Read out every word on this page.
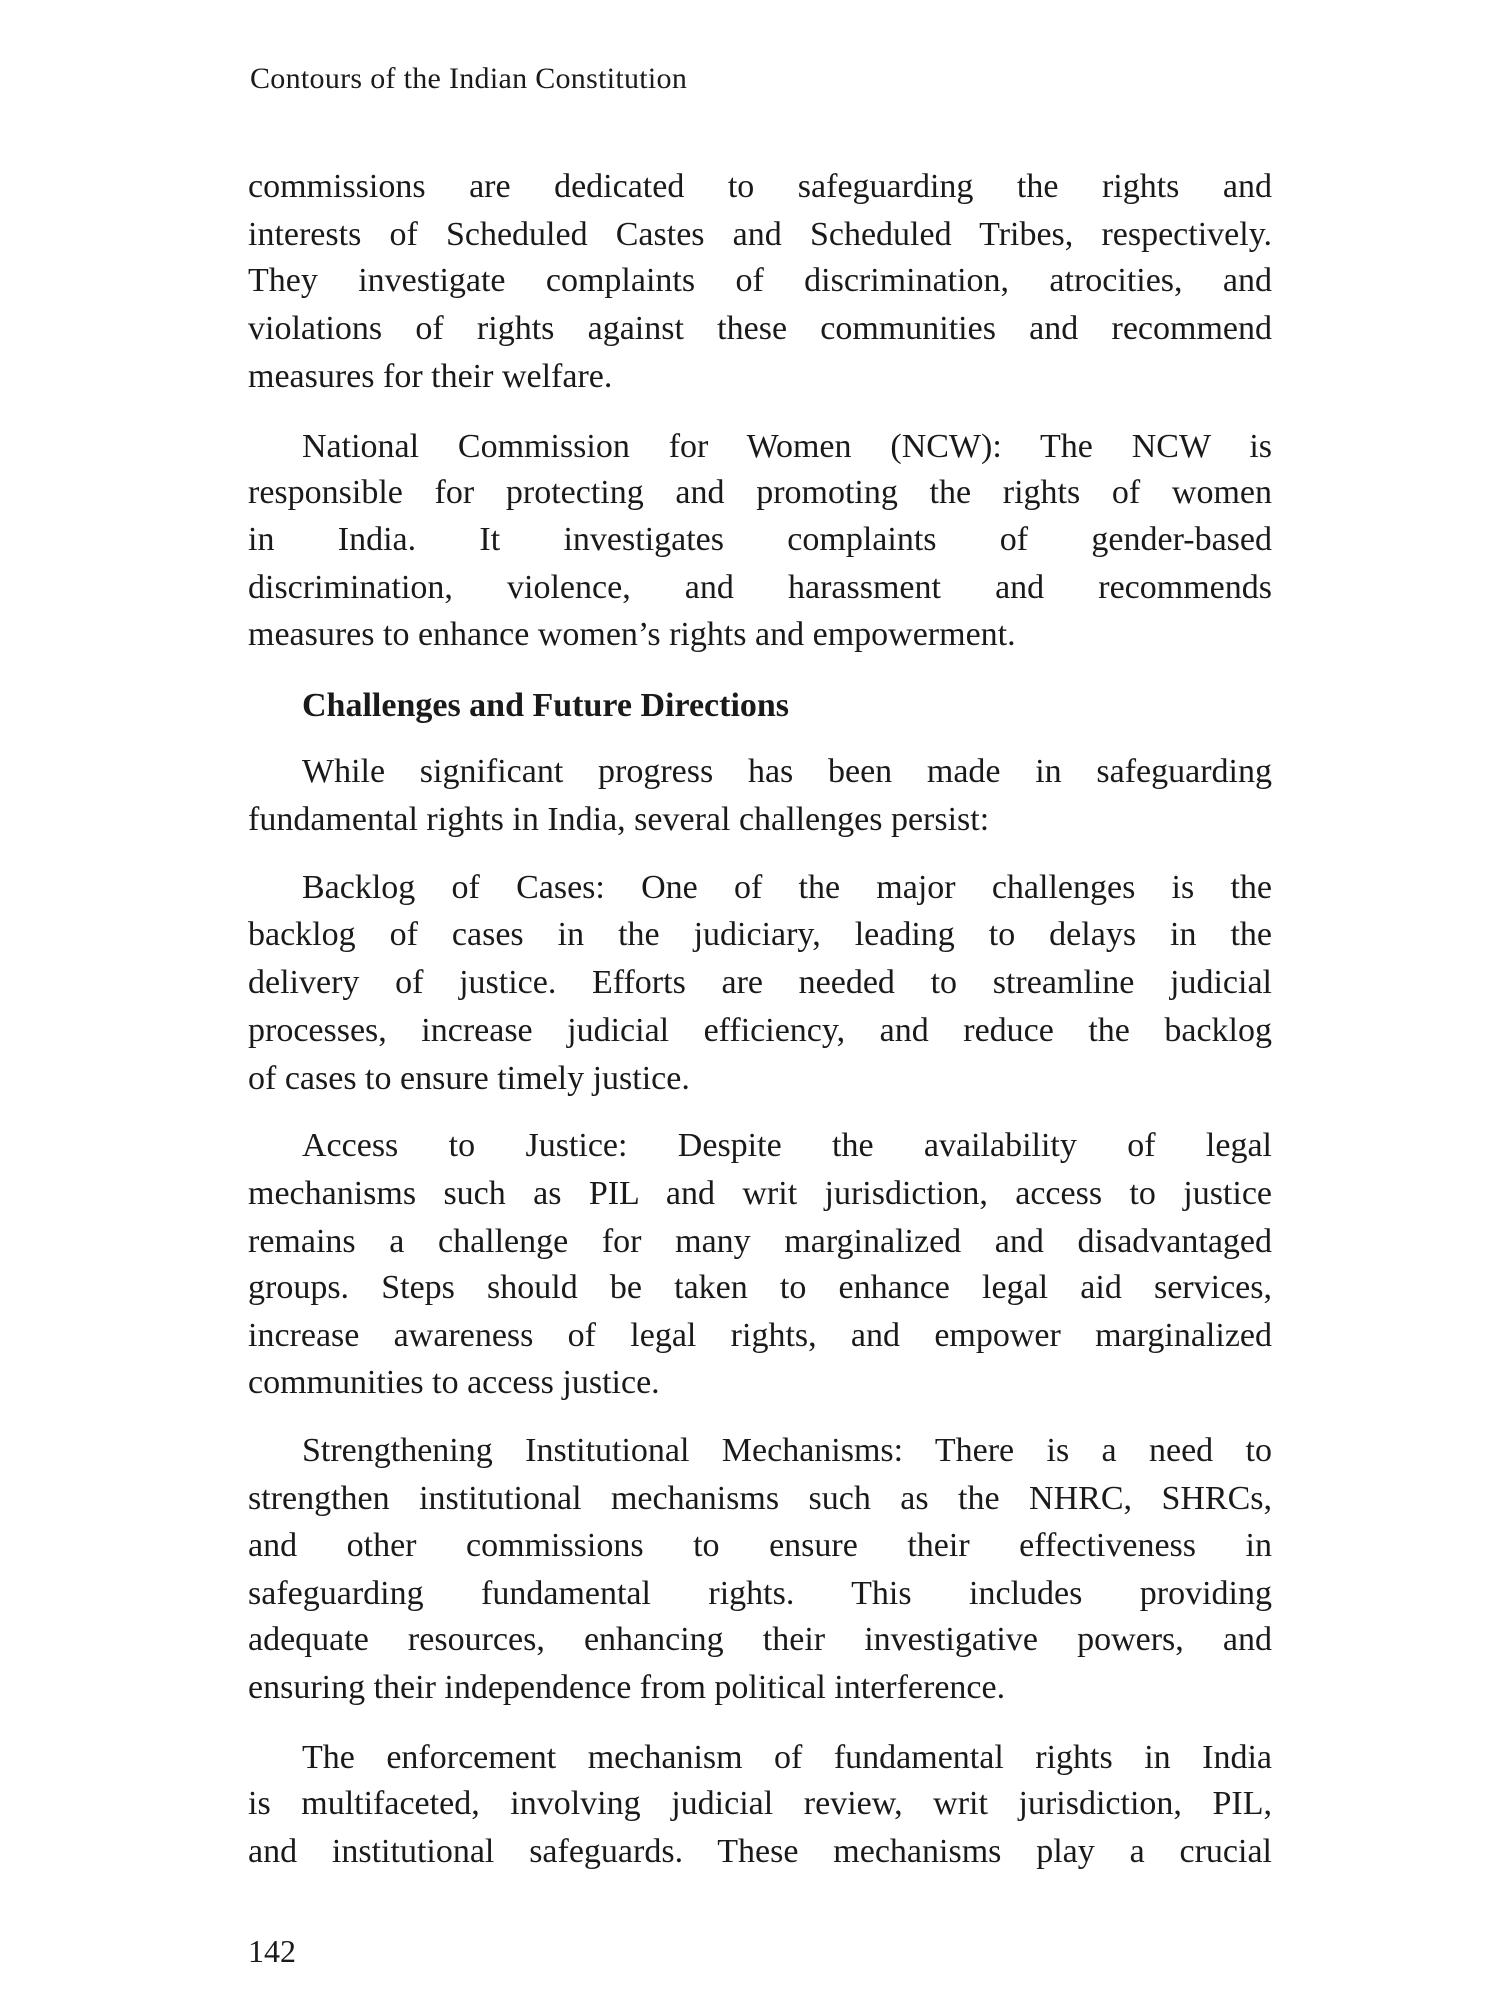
Contours of the Indian Constitution
Challenges and Future Directions
commissions are dedicated to safeguarding the rights and
interests of Scheduled Castes and Scheduled Tribes, respectively.
They investigate complaints of discrimination, atrocities, and
violations of rights against these communities and recommend
measures for their welfare.
National Commission for Women (NCW): The NCW is
responsible for protecting and promoting the rights of women
in India. It investigates complaints of gender-based
discrimination, violence, and harassment and recommends
measures to enhance women’s rights and empowerment.
While significant progress has been made in safeguarding
fundamental rights in India, several challenges persist:
Backlog of Cases: One of the major challenges is the
backlog of cases in the judiciary, leading to delays in the
delivery of justice. Efforts are needed to streamline judicial
processes, increase judicial efficiency, and reduce the backlog
of cases to ensure timely justice.
Access to Justice: Despite the availability of legal
mechanisms such as PIL and writ jurisdiction, access to justice
remains a challenge for many marginalized and disadvantaged
groups. Steps should be taken to enhance legal aid services,
increase awareness of legal rights, and empower marginalized
communities to access justice.
Strengthening Institutional Mechanisms: There is a need to
strengthen institutional mechanisms such as the NHRC, SHRCs,
and other commissions to ensure their effectiveness in
safeguarding fundamental rights. This includes providing
adequate resources, enhancing their investigative powers, and
ensuring their independence from political interference.
The enforcement mechanism of fundamental rights in India
is multifaceted, involving judicial review, writ jurisdiction, PIL,
and institutional safeguards. These mechanisms play a crucial
142
